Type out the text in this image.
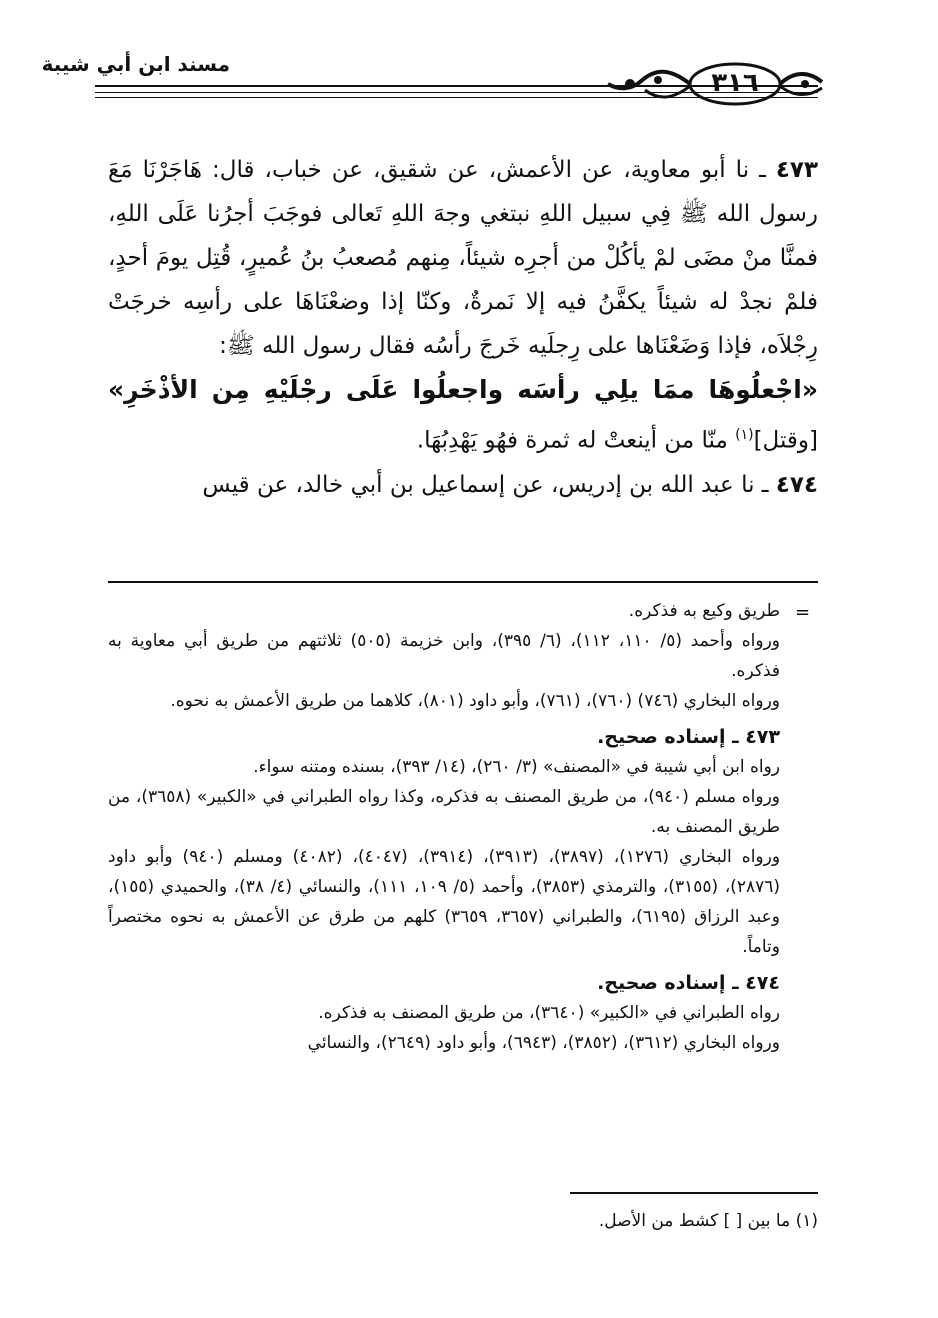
مسند ابن أبي شيبة
٣١٦

٤٧٣ ـ نا أبو معاوية، عن الأعمش، عن شقيق، عن خباب، قال: هَاجَرْنَا مَعَ رسول الله ﷺ فِي سبيل اللهِ نبتغي وجهَ اللهِ تَعالى فوجَبَ أجرُنا عَلَى اللهِ، فمنَّا منْ مضَى لمْ يأكُلْ من أجرِه شيئاً، مِنهم مُصعبُ بنُ عُميرٍ، قُتِل يومَ أحدٍ، فلمْ نجدْ له شيئاً يكفَّنُ فيه إلا نَمرةٌ، وكنّا إذا وضعْنَاهَا على رأسِه خرجَتْ رِجْلاَه، فإذا وَضَعْنَاها على رِجلَيه خَرجَ رأسُه فقال رسول الله ﷺ:

«اجْعلُوهَا ممَا يلِي رأسَه واجعلُوا عَلَى رجْلَيْهِ مِن الأذْخَرِ» [وقتل]$^{(١)}$ منّا من أينعتْ له ثمرة فهُو يَهْدِبُهَا.

٤٧٤ ـ نا عبد الله بن إدريس، عن إسماعيل بن أبي خالد، عن قيس

=

طريق وكيع به فذكره.

ورواه وأحمد (٥/ ١١٠، ١١٢)، (٦/ ٣٩٥)، وابن خزيمة (٥٠٥) ثلاثتهم من طريق أبي معاوية به فذكره.

ورواه البخاري (٧٤٦) (٧٦٠)، (٧٦١)، وأبو داود (٨٠١)، كلاهما من طريق الأعمش به نحوه.

٤٧٣ ـ إسناده صحيح.

رواه ابن أبي شيبة في «المصنف» (٣/ ٢٦٠)، (١٤/ ٣٩٣)، بسنده ومتنه سواء.

ورواه مسلم (٩٤٠)، من طريق المصنف به فذكره، وكذا رواه الطبراني في «الكبير» (٣٦٥٨)، من طريق المصنف به.

ورواه البخاري (١٢٧٦)، (٣٨٩٧)، (٣٩١٣)، (٣٩١٤)، (٤٠٤٧)، (٤٠٨٢) ومسلم (٩٤٠) وأبو داود (٢٨٧٦)، (٣١٥٥)، والترمذي (٣٨٥٣)، وأحمد (٥/ ١٠٩، ١١١)، والنسائي (٤/ ٣٨)، والحميدي (١٥٥)، وعبد الرزاق (٦١٩٥)، والطبراني (٣٦٥٧، ٣٦٥٩) كلهم من طرق عن الأعمش به نحوه مختصراً وتاماً.

٤٧٤ ـ إسناده صحيح.

رواه الطبراني في «الكبير» (٣٦٤٠)، من طريق المصنف به فذكره.

ورواه البخاري (٣٦١٢)، (٣٨٥٢)، (٦٩٤٣)، وأبو داود (٢٦٤٩)، والنسائي

(١) ما بين [ ] كشط من الأصل.
